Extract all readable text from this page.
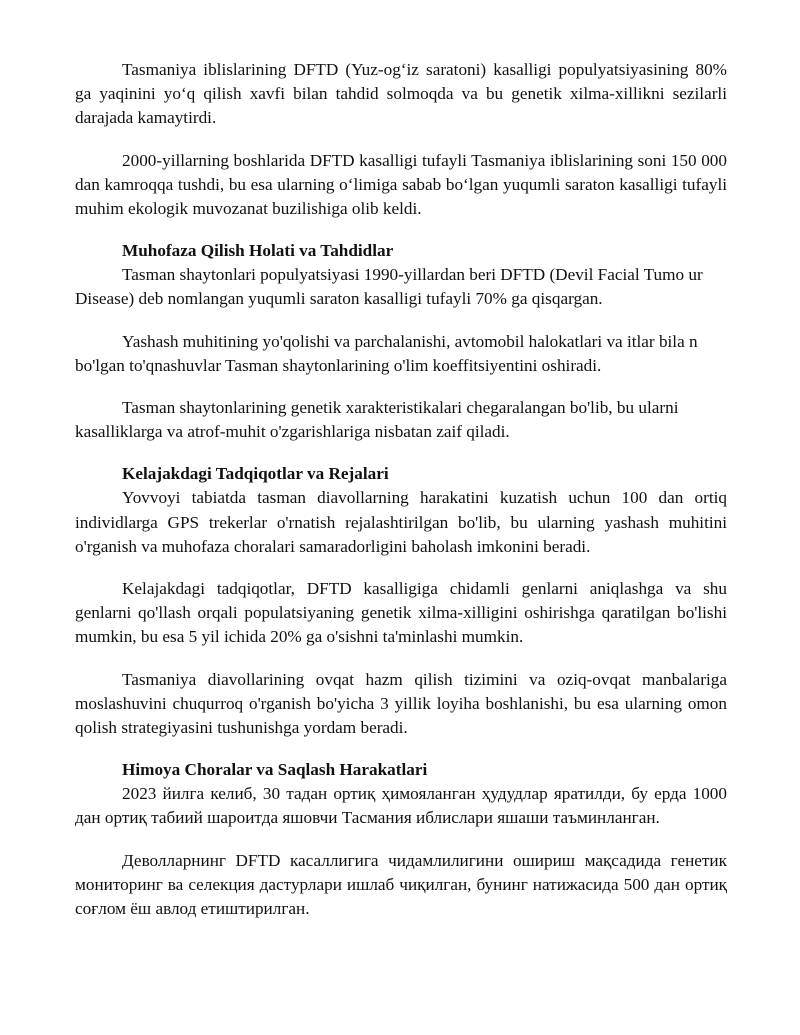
Tasmaniya iblislarining DFTD (Yuz-og‘iz saratoni) kasalligi populyatsiyasining 80% ga yaqinini yo‘q qilish xavfi bilan tahdid solmoqda va bu genetik xilma-xillikni sezilarli darajada kamaytirdi.

2000-yillarning boshlarida DFTD kasalligi tufayli Tasmaniya iblislarining soni 150 000 dan kamroqqa tushdi, bu esa ularning o‘limiga sabab bo‘lgan yuqumli saraton kasalligi tufayli muhim ekologik muvozanat buzilishiga olib keldi.

Muhofaza Qilish Holati va Tahdidlar

Tasman shaytonlari populyatsiyasi 1990-yillardan beri DFTD (Devil Facial Tumo ur Disease) deb nomlangan yuqumli saraton kasalligi tufayli 70% ga qisqargan.

Yashash muhitining yo'qolishi va parchalanishi, avtomobil halokatlari va itlar bila n bo'lgan to'qnashuvlar Tasman shaytonlarining o'lim koeffitsiyentini oshiradi.

Tasman shaytonlarining genetik xarakteristikalari chegaralangan bo'lib, bu ularni kasalliklarga va atrof-muhit o'zgarishlariga nisbatan zaif qiladi.

Kelajakdagi Tadqiqotlar va Rejalari

Yovvoyi tabiatda tasman diavollarning harakatini kuzatish uchun 100 dan ortiq individlarga GPS trekerlar o'rnatish rejalashtirilgan bo'lib, bu ularning yashash muhitini o'rganish va muhofaza choralari samaradorligini baholash imkonini beradi.

Kelajakdagi tadqiqotlar, DFTD kasalligiga chidamli genlarni aniqlashga va shu genlarni qo'llash orqali populatsiyaning genetik xilma-xilligini oshirishga qaratilgan bo'lishi mumkin, bu esa 5 yil ichida 20% ga o'sishni ta'minlashi mumkin.

Tasmaniya diavollarining ovqat hazm qilish tizimini va oziq-ovqat manbalariga moslashuvini chuqurroq o'rganish bo'yicha 3 yillik loyiha boshlanishi, bu esa ularning omon qolish strategiyasini tushunishga yordam beradi.

Himoya Choralar va Saqlash Harakatlari

2023 йилга келиб, 30 тадан ортиқ ҳимояланган ҳудудлар яратилди, бу ерда 1000 дан ортиқ табиий шароитда яшовчи Тасмания иблислари яшаши таъминланган.

Деволларнинг DFTD касаллигига чидамлилигини ошириш мақсадида генетик мониторинг ва селекция дастурлари ишлаб чиқилган, бунинг натижасида 500 дан ортиқ соғлом ёш авлод етиштирилган.
